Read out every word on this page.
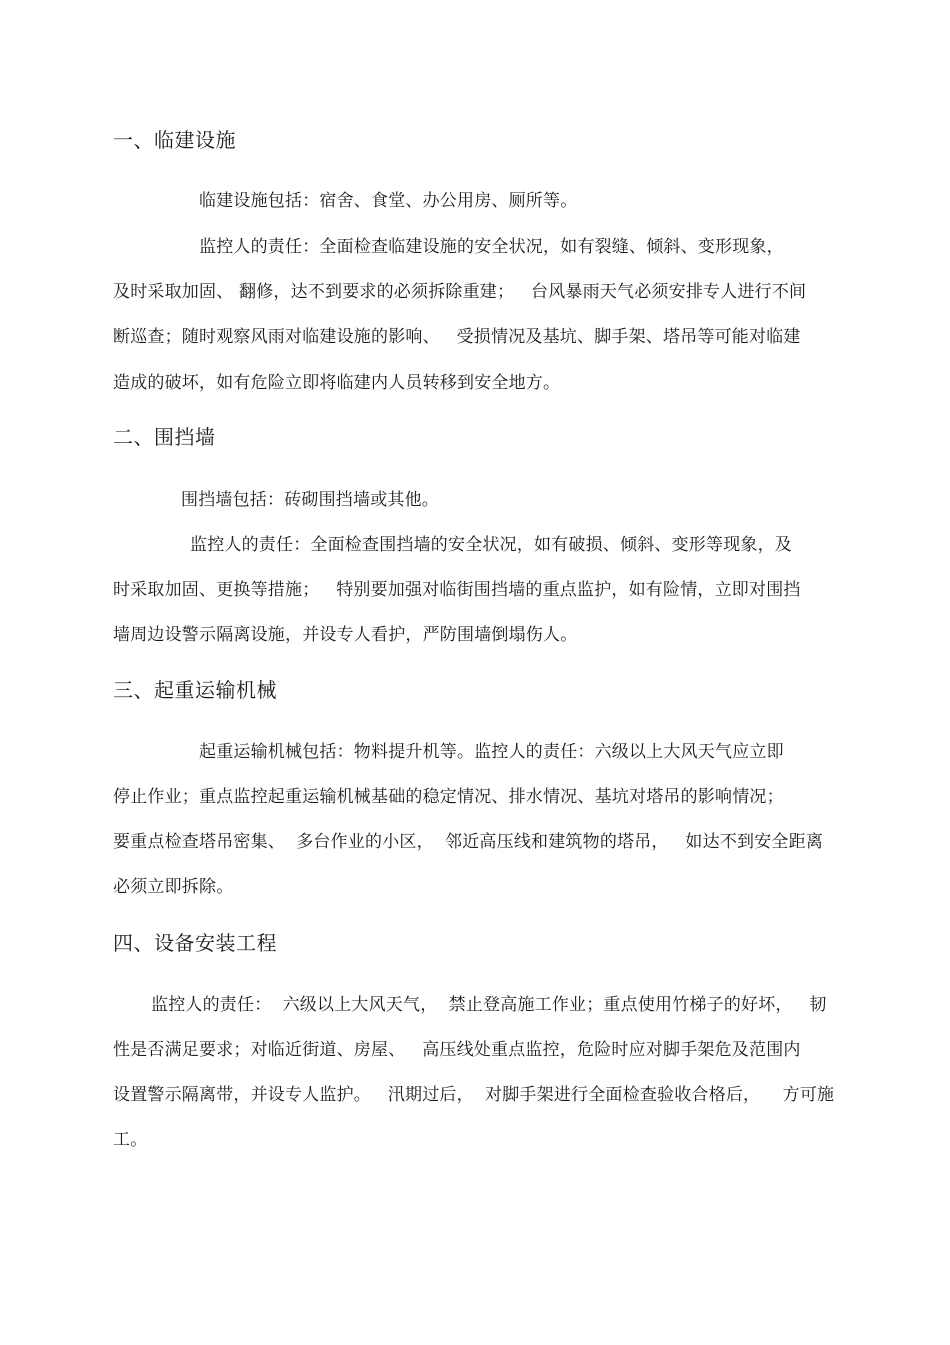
一、临建设施
临建设施包括：宿舍、食堂、办公用房、厕所等。
监控人的责任：全面检查临建设施的安全状况，如有裂缝、倾斜、变形现象，
及时采取加固、 翻修，达不到要求的必须拆除重建；   台风暴雨天气必须安排专人进行不间
断巡查；随时观察风雨对临建设施的影响、   受损情况及基坑、脚手架、塔吊等可能对临建
造成的破坏，如有危险立即将临建内人员转移到安全地方。
二、围挡墙
围挡墙包括：砖砌围挡墙或其他。
监控人的责任：全面检查围挡墙的安全状况，如有破损、倾斜、变形等现象，及
时采取加固、更换等措施；   特别要加强对临街围挡墙的重点监护，如有险情，立即对围挡
墙周边设警示隔离设施，并设专人看护，严防围墙倒塌伤人。
三、起重运输机械
起重运输机械包括：物料提升机等。监控人的责任：六级以上大风天气应立即
停止作业；重点监控起重运输机械基础的稳定情况、排水情况、基坑对塔吊的影响情况；
要重点检查塔吊密集、  多台作业的小区，  邻近高压线和建筑物的塔吊，   如达不到安全距离
必须立即拆除。
四、设备安装工程
监控人的责任：  六级以上大风天气，  禁止登高施工作业；重点使用竹梯子的好坏，   韧
性是否满足要求；对临近街道、房屋、   高压线处重点监控，危险时应对脚手架危及范围内
设置警示隔离带，并设专人监护。   汛期过后，  对脚手架进行全面检查验收合格后，    方可施
工。
